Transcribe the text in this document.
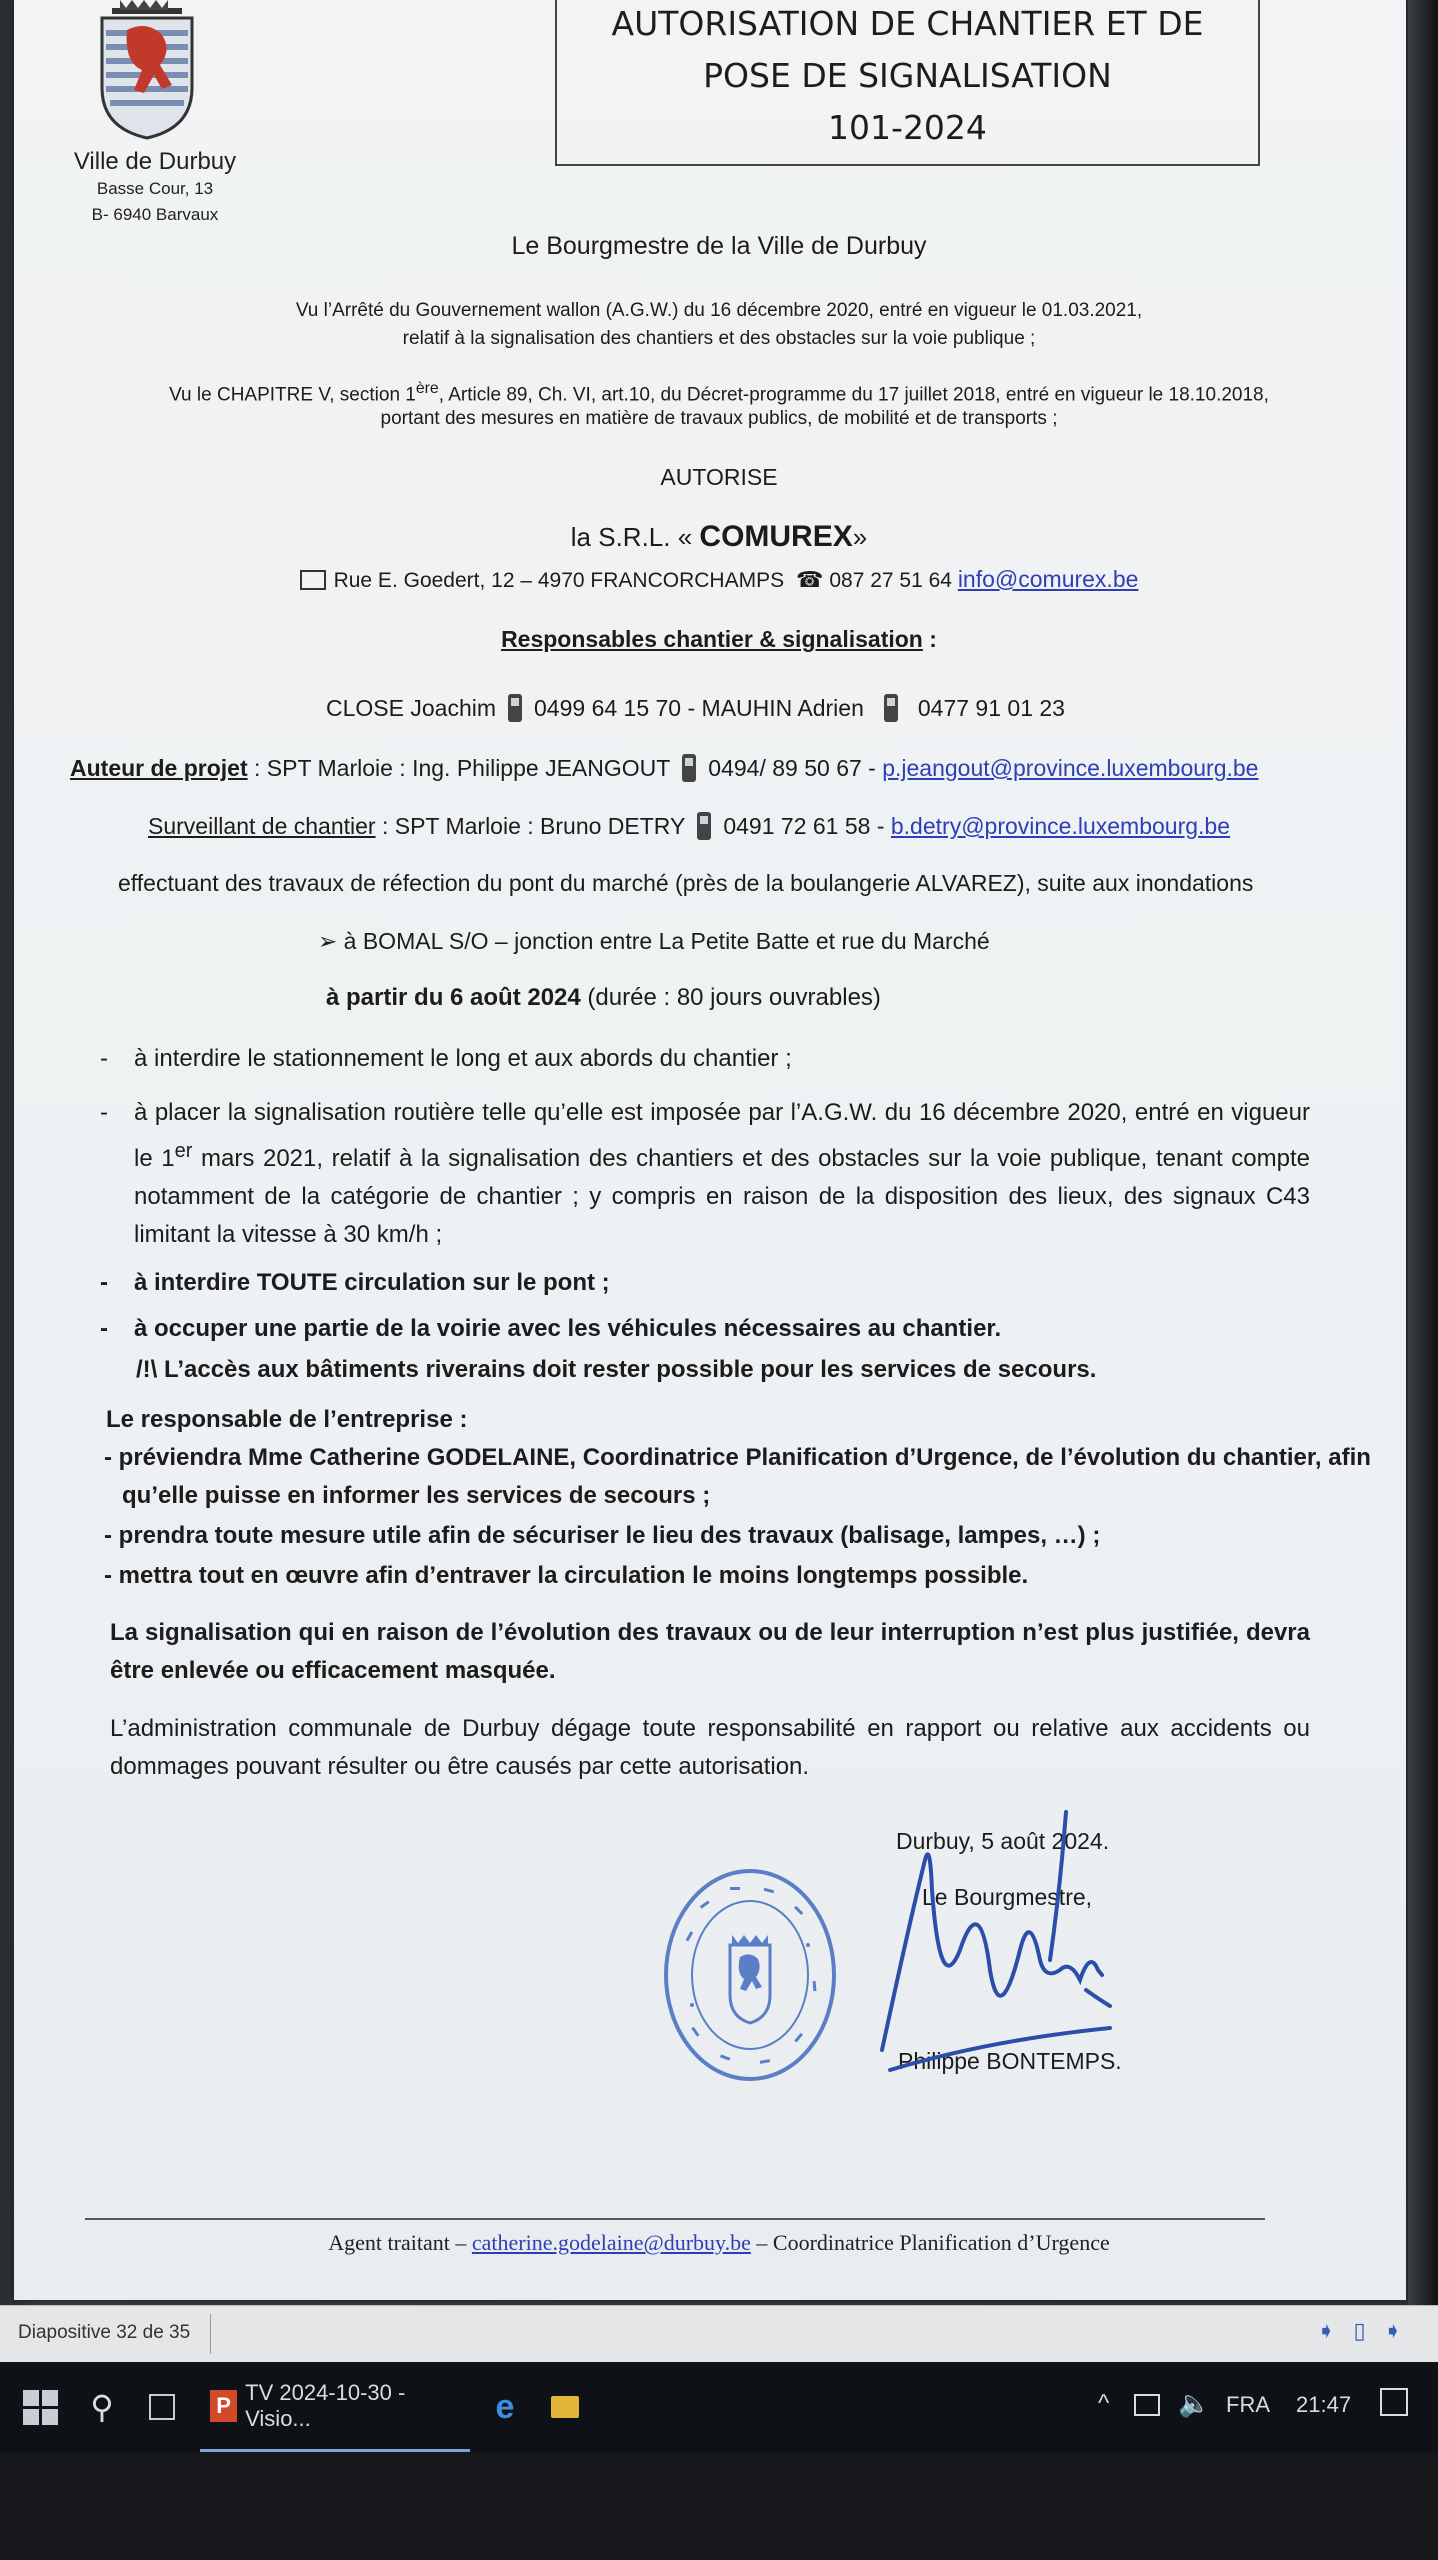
Ville de Durbuy
Basse Cour, 13
B- 6940 Barvaux
AUTORISATION DE CHANTIER ET DE
POSE DE SIGNALISATION
101-2024
Le Bourgmestre de la Ville de Durbuy
Vu l’Arrêté du Gouvernement wallon (A.G.W.) du 16 décembre 2020, entré en vigueur le 01.03.2021,
relatif à la signalisation des chantiers et des obstacles sur la voie publique ;
Vu le CHAPITRE V, section 1ère, Article 89, Ch. VI, art.10, du Décret-programme du 17 juillet 2018, entré en vigueur le 18.10.2018,
portant des mesures en matière de travaux publics, de mobilité et de transports ;
AUTORISE
la S.R.L. « COMUREX»
Rue E. Goedert, 12 – 4970 FRANCORCHAMPS ☎ 087 27 51 64 info@comurex.be
Responsables chantier & signalisation :
CLOSE Joachim 0499 64 15 70 - MAUHIN Adrien 0477 91 01 23
Auteur de projet : SPT Marloie : Ing. Philippe JEANGOUT 0494/ 89 50 67 - p.jeangout@province.luxembourg.be
Surveillant de chantier : SPT Marloie : Bruno DETRY 0491 72 61 58 - b.detry@province.luxembourg.be
effectuant des travaux de réfection du pont du marché (près de la boulangerie ALVAREZ), suite aux inondations
➢ à BOMAL S/O – jonction entre La Petite Batte et rue du Marché
à partir du 6 août 2024 (durée : 80 jours ouvrables)
- à interdire le stationnement le long et aux abords du chantier ;
- à placer la signalisation routière telle qu’elle est imposée par l’A.G.W. du 16 décembre 2020, entré en vigueur le 1er mars 2021, relatif à la signalisation des chantiers et des obstacles sur la voie publique, tenant compte notamment de la catégorie de chantier ; y compris en raison de la disposition des lieux, des signaux C43 limitant la vitesse à 30 km/h ;
- à interdire TOUTE circulation sur le pont ;
- à occuper une partie de la voirie avec les véhicules nécessaires au chantier.
/!\ L’accès aux bâtiments riverains doit rester possible pour les services de secours.
Le responsable de l’entreprise :
- préviendra Mme Catherine GODELAINE, Coordinatrice Planification d’Urgence, de l’évolution du chantier, afin
qu’elle puisse en informer les services de secours ;
- prendra toute mesure utile afin de sécuriser le lieu des travaux (balisage, lampes, …) ;
- mettra tout en œuvre afin d’entraver la circulation le moins longtemps possible.
La signalisation qui en raison de l’évolution des travaux ou de leur interruption n’est plus justifiée, devra être enlevée ou efficacement masquée.
L’administration communale de Durbuy dégage toute responsabilité en rapport ou relative aux accidents ou dommages pouvant résulter ou être causés par cette autorisation.
Durbuy, 5 août 2024.
Le Bourgmestre,
Philippe BONTEMPS.
Agent traitant – catherine.godelaine@durbuy.be – Coordinatrice Planification d’Urgence
Diapositive 32 de 35	➧▯➧
⚲	P
TV 2024-10-30 - Visio...	e	^	🔈 FRA 21:47
